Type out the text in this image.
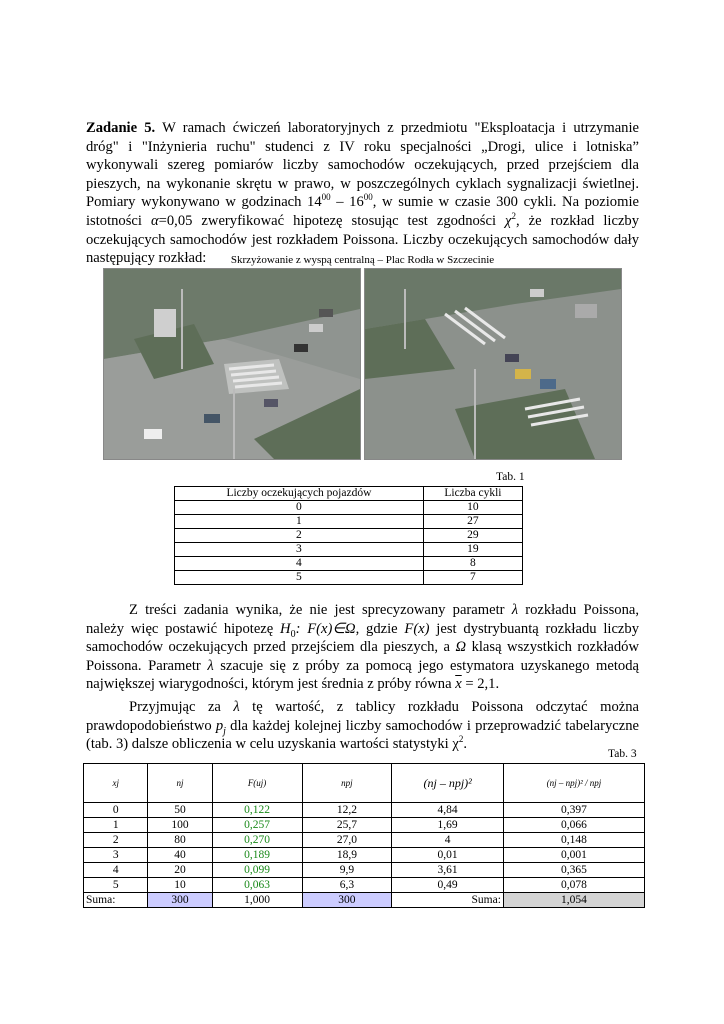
Zadanie 5. W ramach ćwiczeń laboratoryjnych z przedmiotu "Eksploatacja i utrzymanie dróg" i "Inżynieria ruchu" studenci z IV roku specjalności „Drogi, ulice i lotniska” wykonywali szereg pomiarów liczby samochodów oczekujących, przed przejściem dla pieszych, na wykonanie skrętu w prawo, w poszczególnych cyklach sygnalizacji świetlnej. Pomiary wykonywano w godzinach $14^{00} - 16^{00}$, w sumie w czasie 300 cykli. Na poziomie istotności α=0,05 zweryfikować hipotezę stosując test zgodności $\chi^2$, że rozkład liczby oczekujących samochodów jest rozkładem Poissona. Liczby oczekujących samochodów dały następujący rozkład:	Skrzyżowanie z wyspą centralną – Plac Rodła w Szczecinie
Tab. 1
Liczby oczekujących pojazdów	Liczba cykli
0	10
1	27
2	29
3	19
4	8
5	7
Z treści zadania wynika, że nie jest sprecyzowany parametr λ rozkładu Poissona, należy więc postawić hipotezę $H_0$: F(x)∈Ω, gdzie F(x) jest dystrybuantą rozkładu liczby samochodów oczekujących przed przejściem dla pieszych, a Ω klasą wszystkich rozkładów Poissona. Parametr λ szacuje się z próby za pomocą jego estymatora uzyskanego metodą największej wiarygodności, którym jest średnia z próby równa $\overline{x} = 2,1$.
Przyjmując za λ tę wartość, z tablicy rozkładu Poissona odczytać można prawdopodobieństwo $p_j$ dla każdej kolejnej liczby samochodów i przeprowadzić tabelaryczne (tab. 3) dalsze obliczenia w celu uzyskania wartości statystyki $\chi^2$.
Tab. 3
xj	nj	F(uj)	npj	(nj – npj)²	(nj – npj)² / npj
0	50	0,122	12,2	4,84	0,397
1	100	0,257	25,7	1,69	0,066
2	80	0,270	27,0	4	0,148
3	40	0,189	18,9	0,01	0,001
4	20	0,099	9,9	3,61	0,365
5	10	0,063	6,3	0,49	0,078
Suma:	300	1,000	300	Suma:	1,054
